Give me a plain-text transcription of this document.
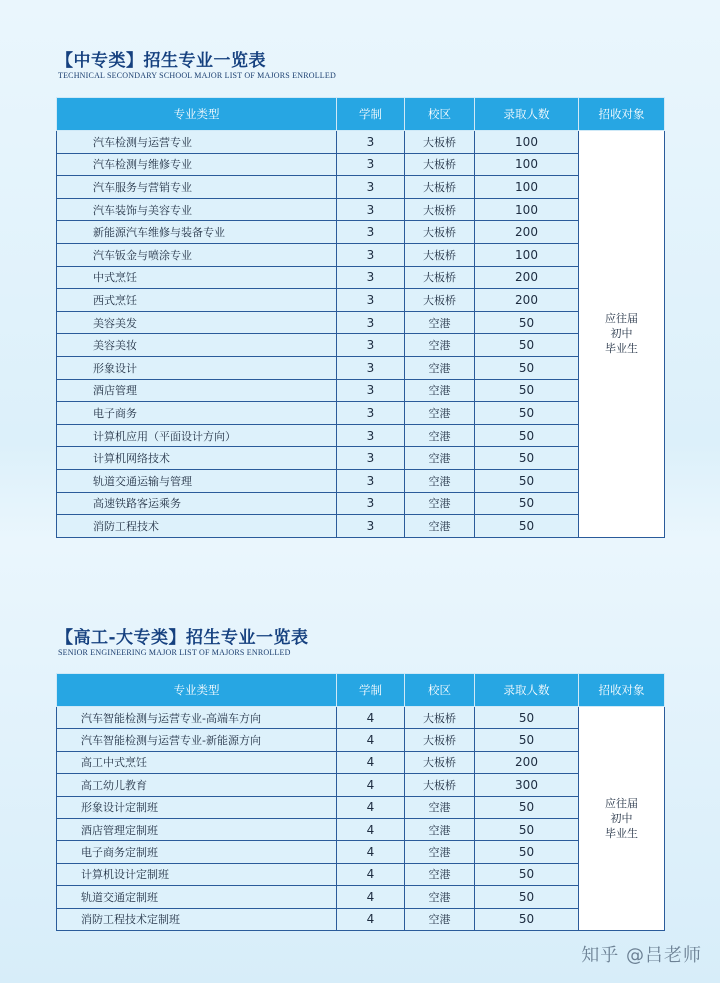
【中专类】招生专业一览表
TECHNICAL SECONDARY SCHOOL MAJOR LIST OF MAJORS ENROLLED
专业类型	学制	校区	录取人数	招收对象
汽车检测与运营专业	3	大板桥	100	应往届
初中
毕业生
汽车检测与维修专业	3	大板桥	100	
汽车服务与营销专业	3	大板桥	100	
汽车装饰与美容专业	3	大板桥	100	
新能源汽车维修与装备专业	3	大板桥	200	
汽车钣金与喷涂专业	3	大板桥	100	
中式烹饪	3	大板桥	200	
西式烹饪	3	大板桥	200	
美容美发	3	空港	50	
美容美妆	3	空港	50	
形象设计	3	空港	50	
酒店管理	3	空港	50	
电子商务	3	空港	50	
计算机应用（平面设计方向）	3	空港	50	
计算机网络技术	3	空港	50	
轨道交通运输与管理	3	空港	50	
高速铁路客运乘务	3	空港	50	
消防工程技术	3	空港	50	
【高工-大专类】招生专业一览表
SENIOR ENGINEERING MAJOR LIST OF MAJORS ENROLLED
专业类型	学制	校区	录取人数	招收对象
汽车智能检测与运营专业-高端车方向	4	大板桥	50	应往届
初中
毕业生
汽车智能检测与运营专业-新能源方向	4	大板桥	50	
高工中式烹饪	4	大板桥	200	
高工幼儿教育	4	大板桥	300	
形象设计定制班	4	空港	50	
酒店管理定制班	4	空港	50	
电子商务定制班	4	空港	50	
计算机设计定制班	4	空港	50	
轨道交通定制班	4	空港	50	
消防工程技术定制班	4	空港	50	
知乎 @吕老师
